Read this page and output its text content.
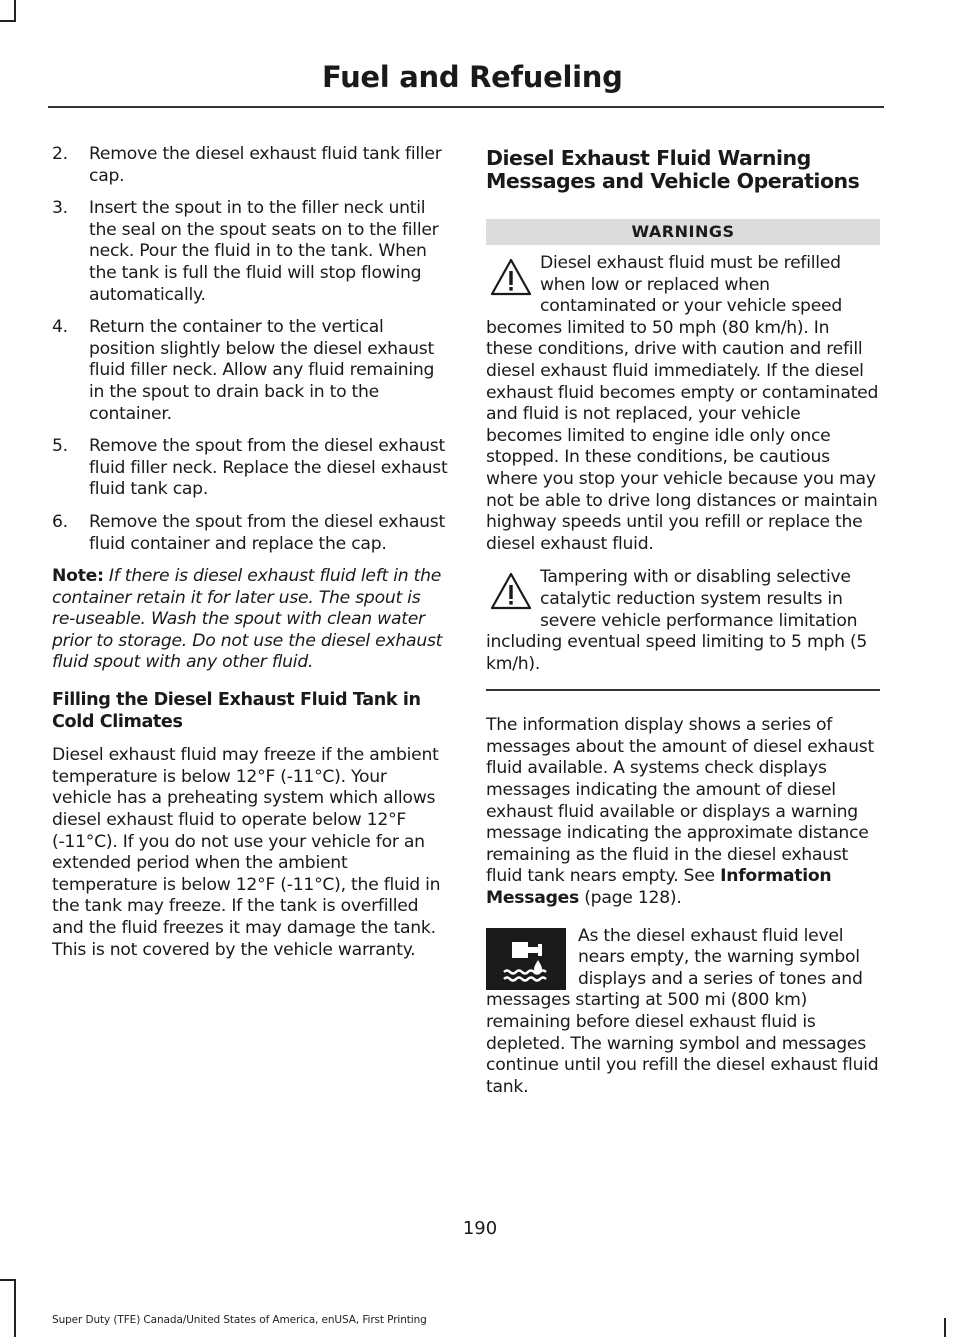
Fuel and Refueling
2. Remove the diesel exhaust fluid tank filler cap.
3. Insert the spout in to the filler neck until the seal on the spout seats on to the filler neck. Pour the fluid in to the tank. When the tank is full the fluid will stop flowing automatically.
4. Return the container to the vertical position slightly below the diesel exhaust fluid filler neck. Allow any fluid remaining in the spout to drain back in to the container.
5. Remove the spout from the diesel exhaust fluid filler neck. Replace the diesel exhaust fluid tank cap.
6. Remove the spout from the diesel exhaust fluid container and replace the cap.

Note: If there is diesel exhaust fluid left in the container retain it for later use. The spout is re-useable. Wash the spout with clean water prior to storage. Do not use the diesel exhaust fluid spout with any other fluid.

Filling the Diesel Exhaust Fluid Tank in Cold Climates

Diesel exhaust fluid may freeze if the ambient temperature is below 12°F (-11°C). Your vehicle has a preheating system which allows diesel exhaust fluid to operate below 12°F (-11°C). If you do not use your vehicle for an extended period when the ambient temperature is below 12°F (-11°C), the fluid in the tank may freeze. If the tank is overfilled and the fluid freezes it may damage the tank. This is not covered by the vehicle warranty.

Diesel Exhaust Fluid Warning Messages and Vehicle Operations
WARNINGS

Diesel exhaust fluid must be refilled when low or replaced when contaminated or your vehicle speed becomes limited to 50 mph (80 km/h). In these conditions, drive with caution and refill diesel exhaust fluid immediately. If the diesel exhaust fluid becomes empty or contaminated and fluid is not replaced, your vehicle becomes limited to engine idle only once stopped. In these conditions, be cautious where you stop your vehicle because you may not be able to drive long distances or maintain highway speeds until you refill or replace the diesel exhaust fluid.

Tampering with or disabling selective catalytic reduction system results in severe vehicle performance limitation including eventual speed limiting to 5 mph (5 km/h).

The information display shows a series of messages about the amount of diesel exhaust fluid available. A systems check displays messages indicating the amount of diesel exhaust fluid available or displays a warning message indicating the approximate distance remaining as the fluid in the diesel exhaust fluid tank nears empty. See Information Messages (page 128).

As the diesel exhaust fluid level nears empty, the warning symbol displays and a series of tones and messages starting at 500 mi (800 km) remaining before diesel exhaust fluid is depleted. The warning symbol and messages continue until you refill the diesel exhaust fluid tank.

190
Super Duty (TFE) Canada/United States of America, enUSA, First Printing
